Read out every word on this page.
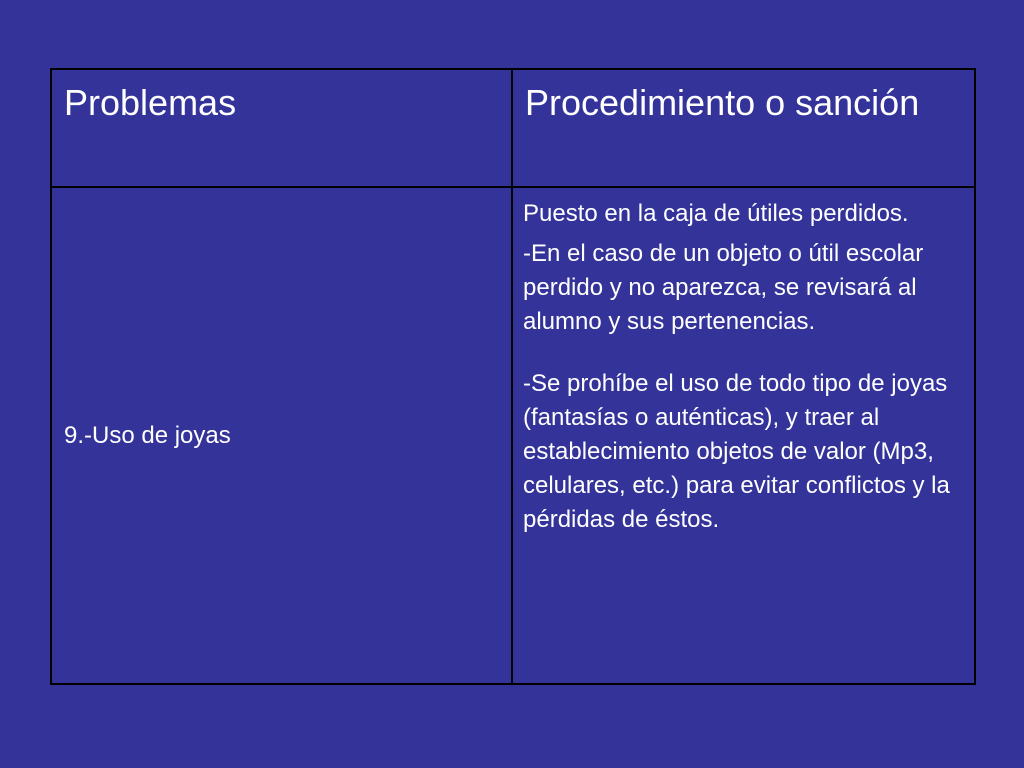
Problemas	Procedimiento o sanción

9.-Uso de joyas	Puesto en la caja de útiles perdidos.

-En el caso de un objeto o útil escolar perdido y no aparezca, se revisará al alumno y sus pertenencias.

-Se prohíbe el uso de todo tipo de joyas (fantasías o auténticas), y traer al establecimiento objetos de valor (Mp3, celulares, etc.) para evitar conflictos y la pérdidas de éstos.
